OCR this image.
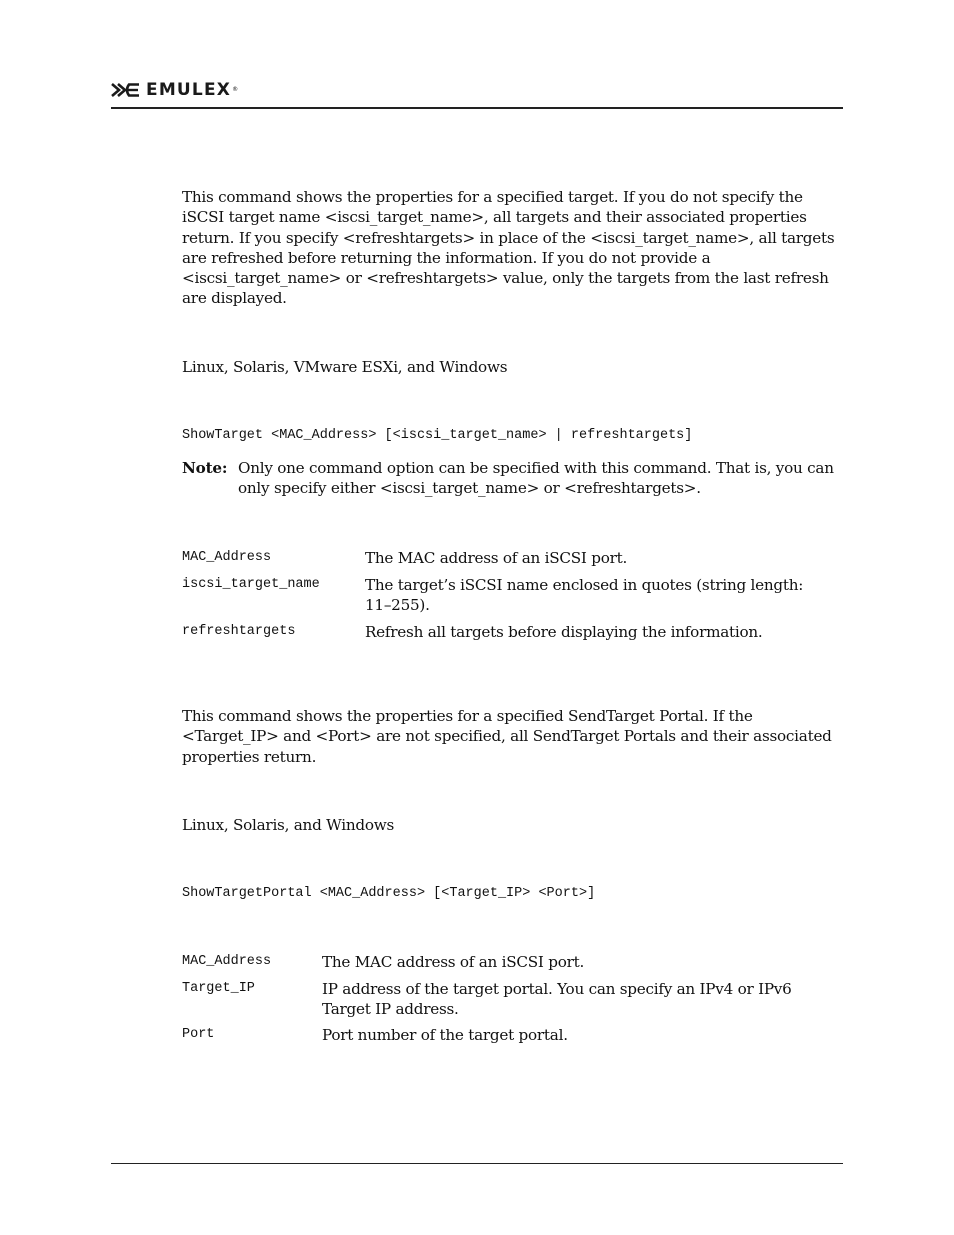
EMULEX ®

This command shows the properties for a specified target. If you do not specify the iSCSI target name <iscsi_target_name>, all targets and their associated properties return. If you specify <refreshtargets> in place of the <iscsi_target_name>, all targets are refreshed before returning the information. If you do not provide a <iscsi_target_name> or <refreshtargets> value, only the targets from the last refresh are displayed.

Linux, Solaris, VMware ESXi, and Windows

ShowTarget <MAC_Address> [<iscsi_target_name> | refreshtargets]

Note: Only one command option can be specified with this command. That is, you can only specify either <iscsi_target_name> or <refreshtargets>.
MAC_Address	The MAC address of an iSCSI port.
iscsi_target_name	The target’s iSCSI name enclosed in quotes (string length: 11–255).
refreshtargets	Refresh all targets before displaying the information.

This command shows the properties for a specified SendTarget Portal. If the <Target_IP> and <Port> are not specified, all SendTarget Portals and their associated properties return.

Linux, Solaris, and Windows

ShowTargetPortal <MAC_Address> [<Target_IP> <Port>]

MAC_Address	The MAC address of an iSCSI port.
Target_IP	IP address of the target portal. You can specify an IPv4 or IPv6 Target IP address.
Port	Port number of the target portal.
